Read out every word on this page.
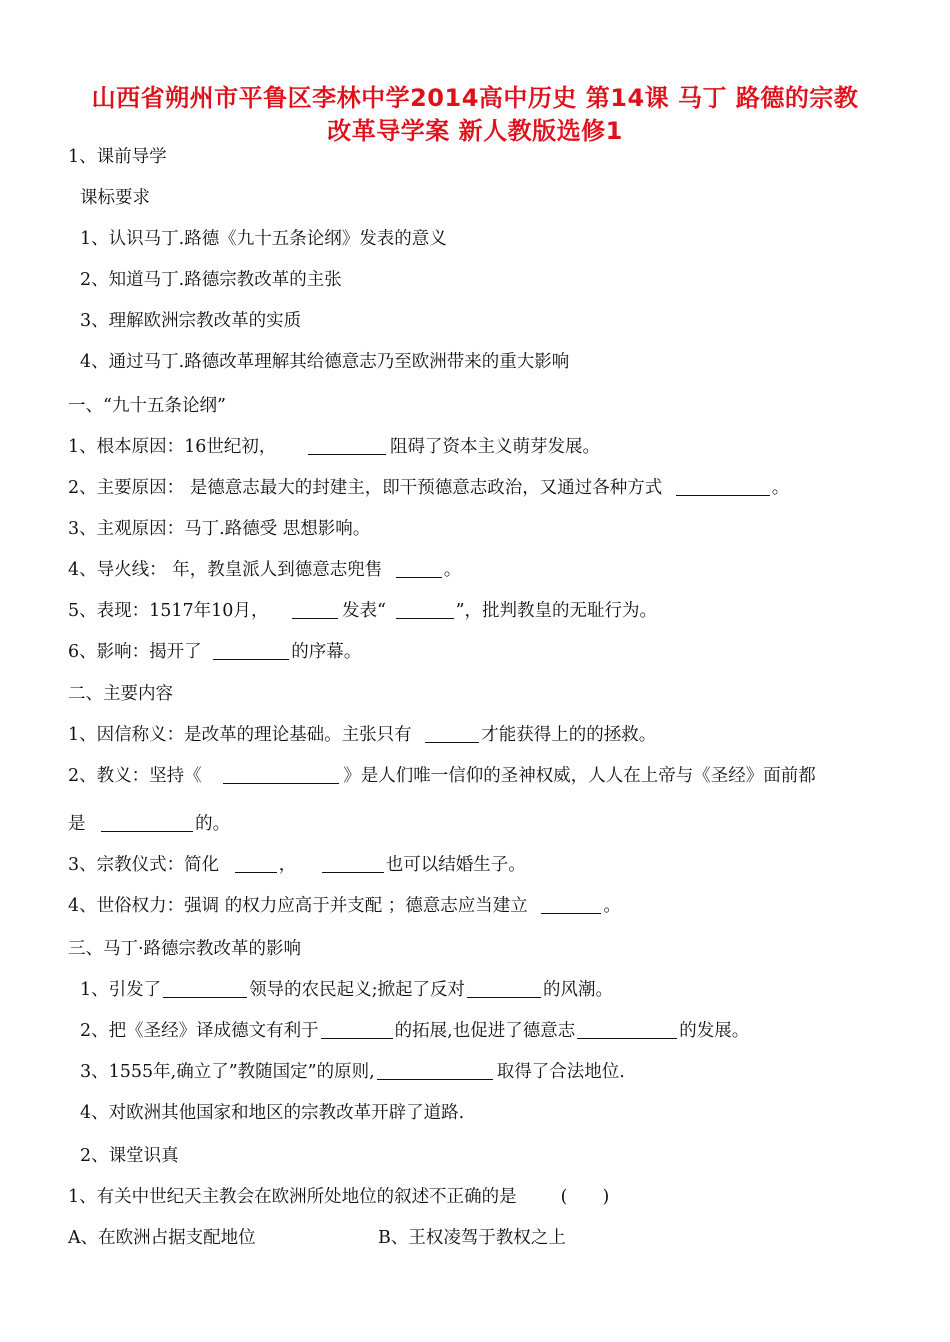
山西省朔州市平鲁区李林中学2014高中历史 第14课 马丁 路德的宗教
改革导学案 新人教版选修1
1、课前导学
课标要求
1、认识马丁.路德《九十五条论纲》发表的意义
2、知道马丁.路德宗教改革的主张
3、理解欧洲宗教改革的实质
4、通过马丁.路德改革理解其给德意志乃至欧洲带来的重大影响
一、“九十五条论纲”
1、根本原因：16世纪初，	阻碍了资本主义萌芽发展。
2、主要原因： 是德意志最大的封建主，即干预德意志政治，又通过各种方式	。
3、主观原因：马丁.路德受 思想影响。
4、导火线： 年，教皇派人到德意志兜售	。
5、表现：1517年10月，	发表“	”，批判教皇的无耻行为。
6、影响：揭开了	的序幕。
二、主要内容
1、因信称义：是改革的理论基础。主张只有	才能获得上的的拯救。
2、教义：坚持《	》是人们唯一信仰的圣神权威，人人在上帝与《圣经》面前都
是	的。
3、宗教仪式：简化	，	也可以结婚生子。
4、世俗权力：强调 的权力应高于并支配 ；德意志应当建立	。
三、马丁·路德宗教改革的影响
1、引发了	领导的农民起义;掀起了反对	的风潮。
2、把《圣经》译成德文有利于	的拓展,也促进了德意志	的发展。
3、1555年,确立了”教随国定”的原则,	取得了合法地位.
4、对欧洲其他国家和地区的宗教改革开辟了道路.
2、课堂识真
1、有关中世纪天主教会在欧洲所处地位的叙述不正确的是	(　　)
A、在欧洲占据支配地位	B、王权凌驾于教权之上
